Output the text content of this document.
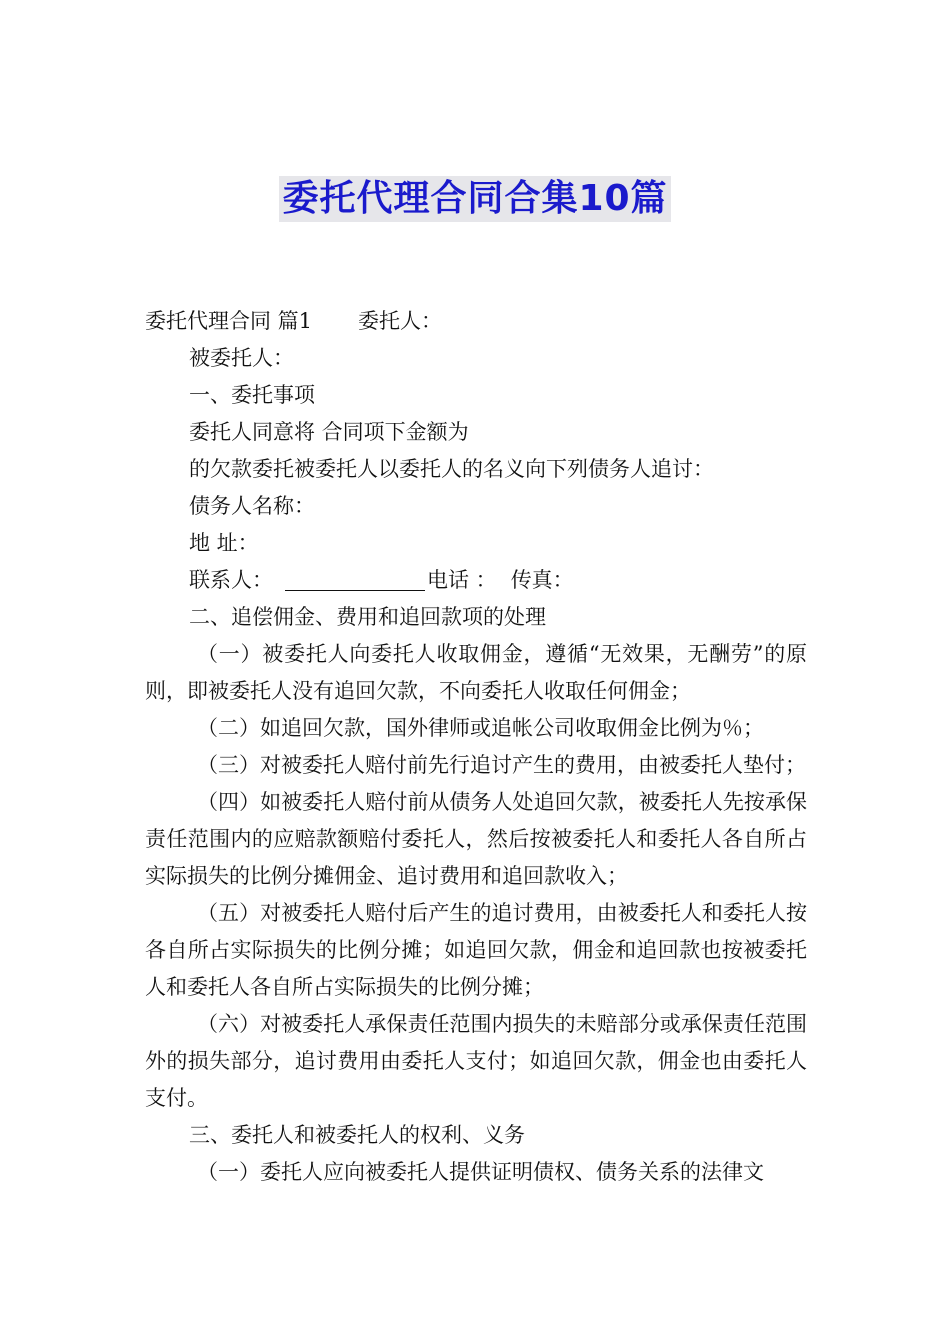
委托代理合同合集10篇
委托代理合同 篇1 委托人：
被委托人：
一、委托事项
委托人同意将 合同项下金额为
的欠款委托被委托人以委托人的名义向下列债务人追讨：
债务人名称：
地 址：
联系人：	电话 ： 传真：
二、追偿佣金、费用和追回款项的处理

（一）被委托人向委托人收取佣金，遵循“无效果，无酬劳”的原则，即被委托人没有追回欠款，不向委托人收取任何佣金；

（二）如追回欠款，国外律师或追帐公司收取佣金比例为％；

（三）对被委托人赔付前先行追讨产生的费用，由被委托人垫付；

（四）如被委托人赔付前从债务人处追回欠款，被委托人先按承保责任范围内的应赔款额赔付委托人，然后按被委托人和委托人各自所占实际损失的比例分摊佣金、追讨费用和追回款收入；

（五）对被委托人赔付后产生的追讨费用，由被委托人和委托人按各自所占实际损失的比例分摊；如追回欠款，佣金和追回款也按被委托人和委托人各自所占实际损失的比例分摊；

（六）对被委托人承保责任范围内损失的未赔部分或承保责任范围外的损失部分，追讨费用由委托人支付；如追回欠款，佣金也由委托人支付。

三、委托人和被委托人的权利、义务

（一）委托人应向被委托人提供证明债权、债务关系的法律文
